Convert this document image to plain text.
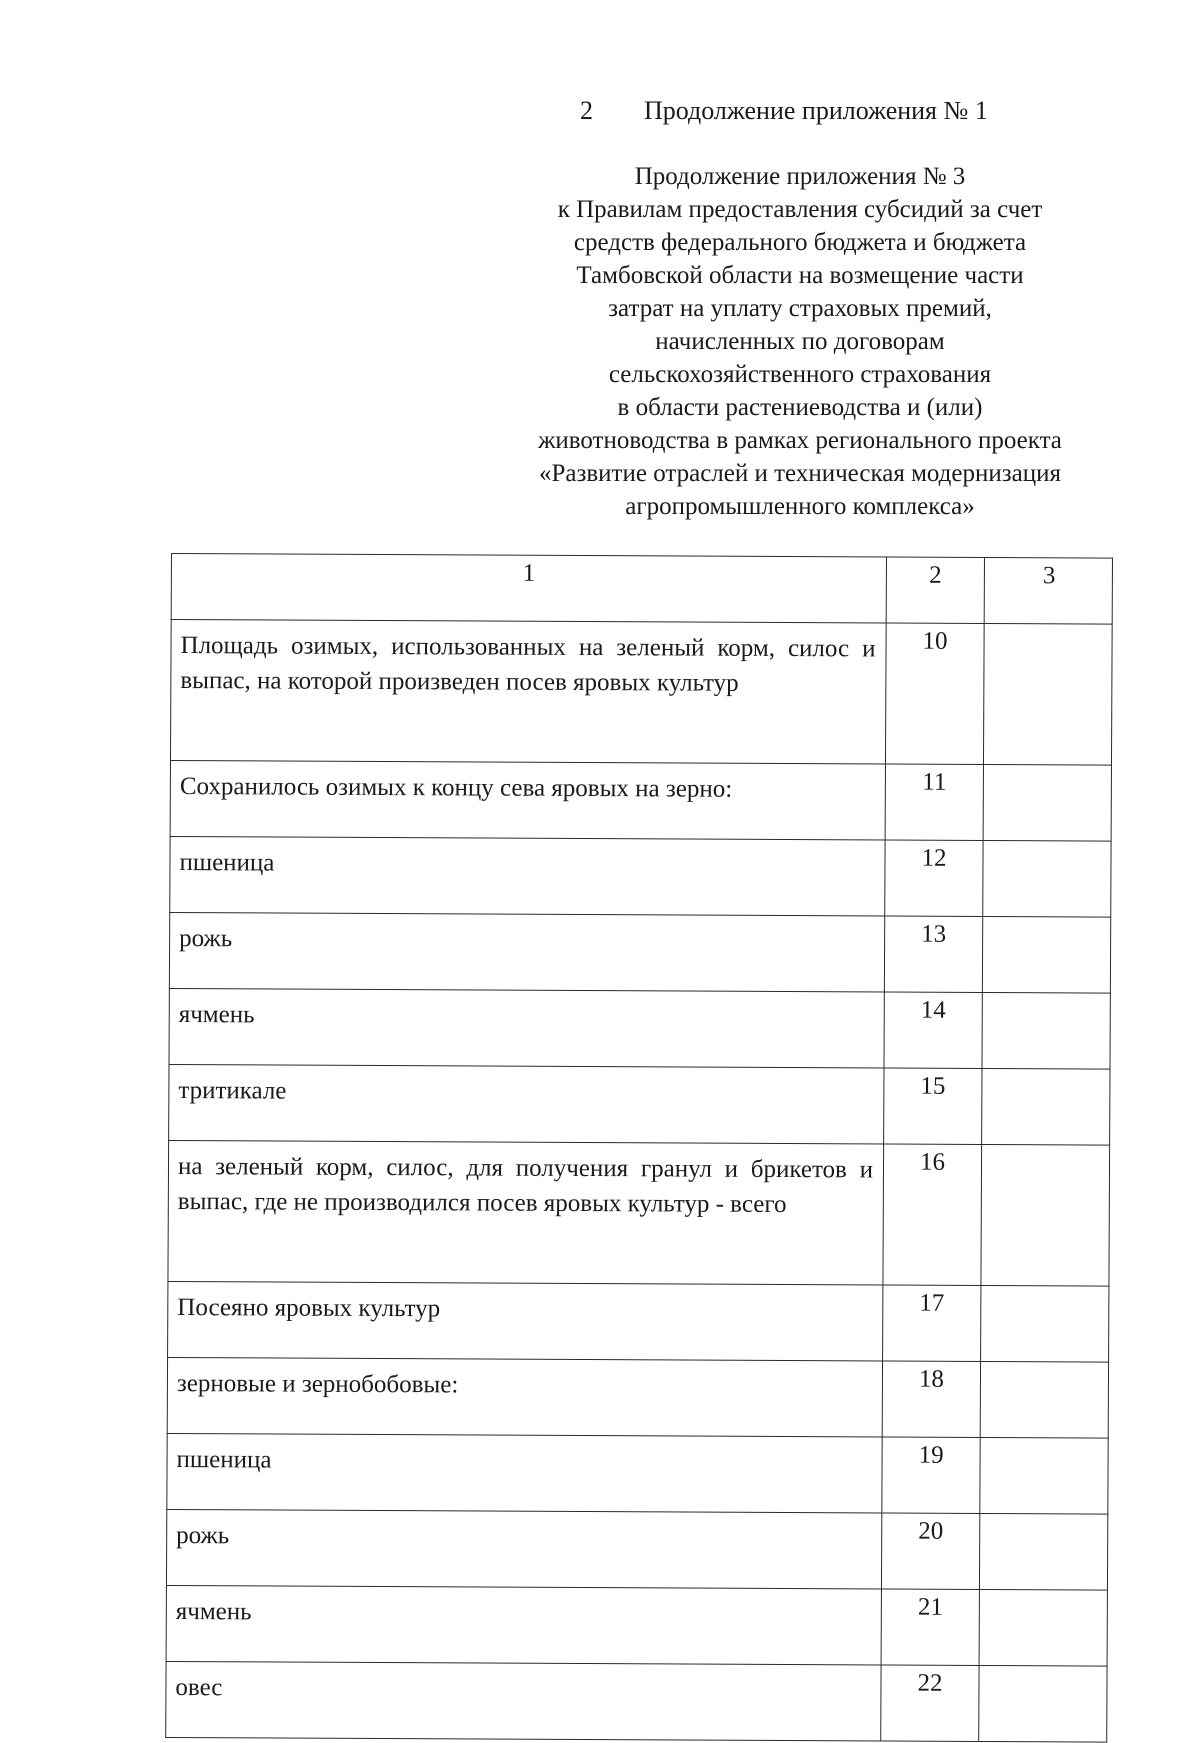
2 Продолжение приложения № 1
Продолжение приложения № 3
к Правилам предоставления субсидий за счет
средств федерального бюджета и бюджета
Тамбовской области на возмещение части
затрат на уплату страховых премий,
начисленных по договорам
сельскохозяйственного страхования
в области растениеводства и (или)
животноводства в рамках регионального проекта
«Развитие отраслей и техническая модернизация
агропромышленного комплекса»
1	2	3
Площадь озимых, использованных на зеленый корм, силос и выпас, на которой произведен посев яровых культур	10	
Сохранилось озимых к концу сева яровых на зерно:	11	
пшеница	12	
рожь	13	
ячмень	14	
тритикале	15	
на зеленый корм, силос, для получения гранул и брикетов и выпас, где не производился посев яровых культур - всего	16	
Посеяно яровых культур	17	
зерновые и зернобобовые:	18	
пшеница	19	
рожь	20	
ячмень	21	
овес	22	
